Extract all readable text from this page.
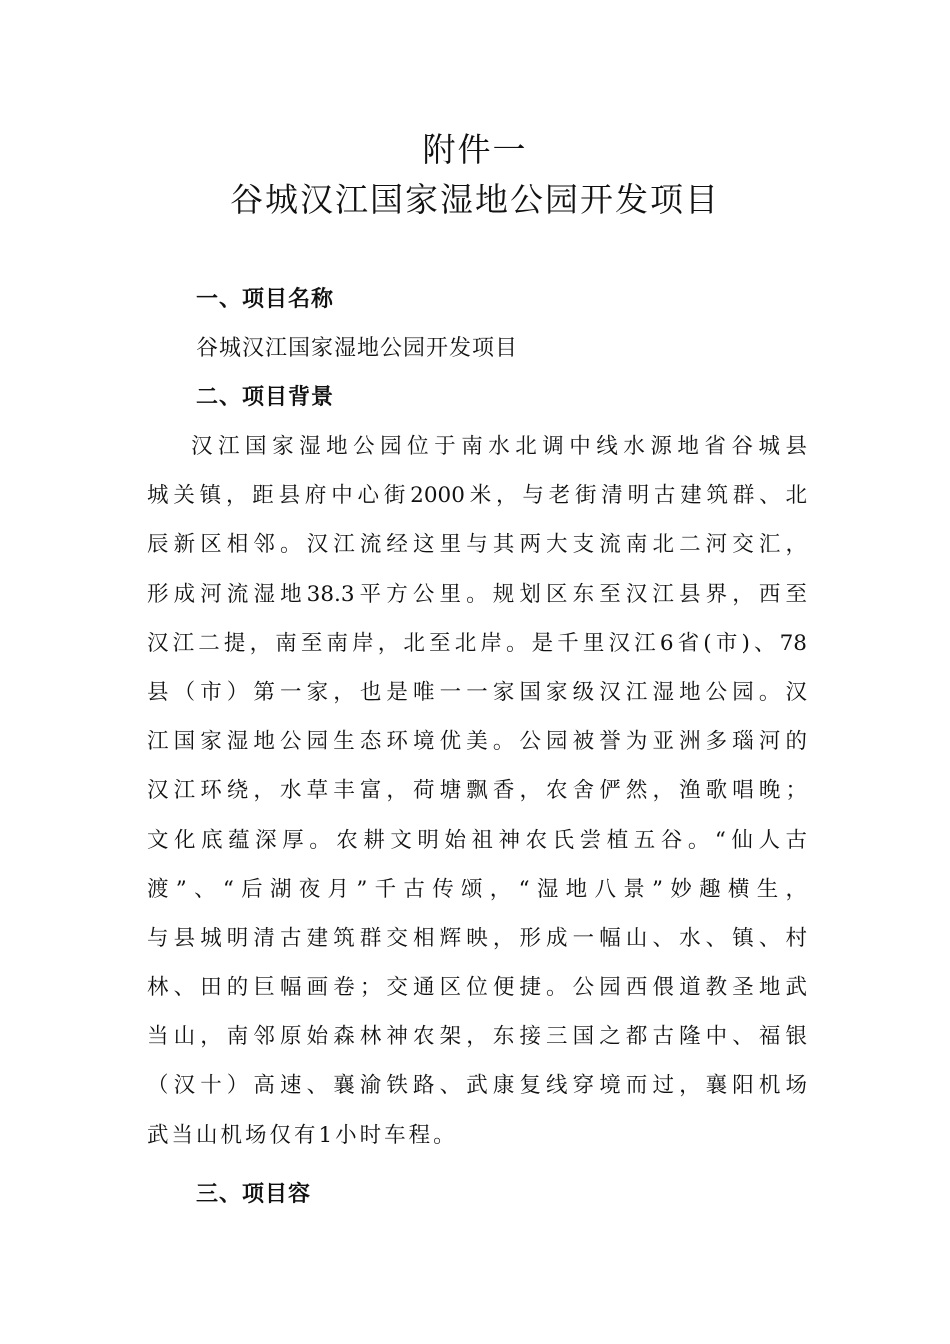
附件一
谷城汉江国家湿地公园开发项目
一、项目名称

谷城汉江国家湿地公园开发项目

二、项目背景
汉江国家湿地公园位于南水北调中线水源地省谷城县
城关镇，距县府中心街2000米，与老街清明古建筑群、北
辰新区相邻。汉江流经这里与其两大支流南北二河交汇，
形成河流湿地38.3平方公里。规划区东至汉江县界，西至
汉江二提，南至南岸，北至北岸。是千里汉江6省(市)、78
县（市）第一家，也是唯一一家国家级汉江湿地公园。汉
江国家湿地公园生态环境优美。公园被誉为亚洲多瑙河的
汉江环绕，水草丰富，荷塘飘香，农舍俨然，渔歌唱晚；
文化底蕴深厚。农耕文明始祖神农氏尝植五谷。“仙人古
渡”、“后湖夜月”千古传颂，“湿地八景”妙趣横生，
与县城明清古建筑群交相辉映，形成一幅山、水、镇、村
林、田的巨幅画卷；交通区位便捷。公园西偎道教圣地武
当山，南邻原始森林神农架，东接三国之都古隆中、福银
（汉十）高速、襄渝铁路、武康复线穿境而过，襄阳机场
武当山机场仅有1小时车程。
三、项目容
